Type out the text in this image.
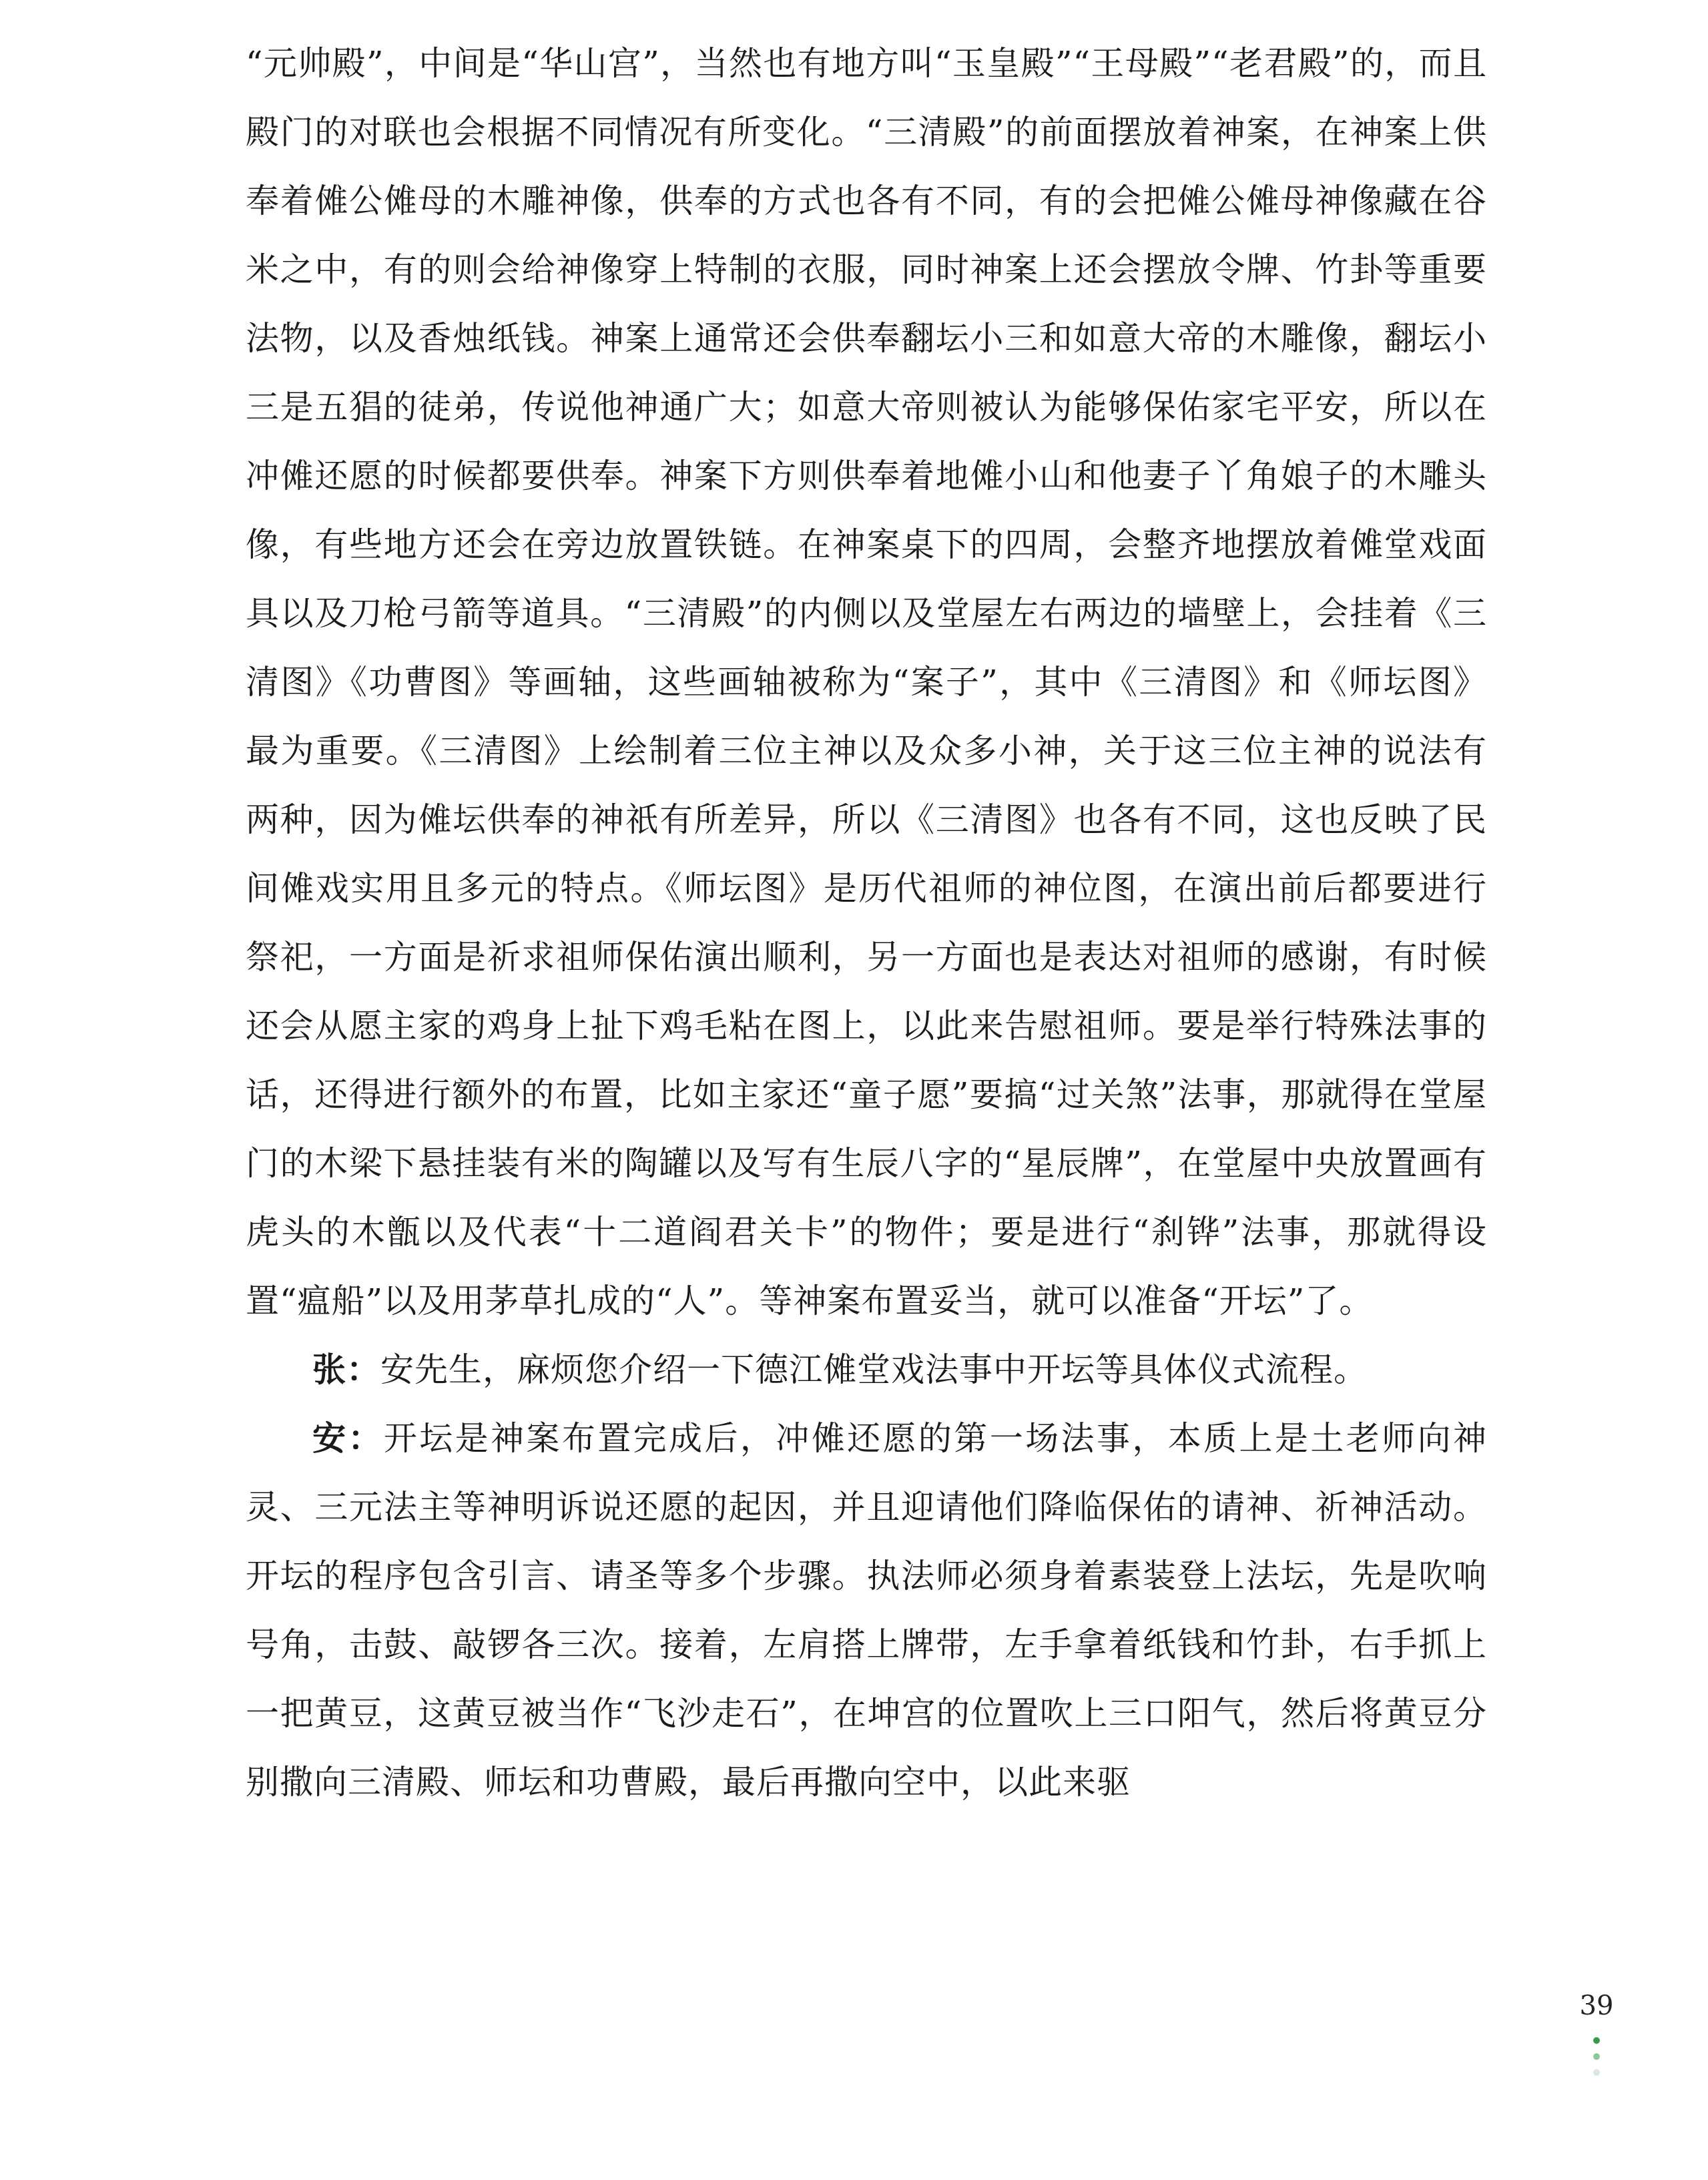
“元帅殿”，中间是“华山宫”，当然也有地方叫“玉皇殿”“王母殿”“老君殿”的，而且殿门的对联也会根据不同情况有所变化。“三清殿”的前面摆放着神案，在神案上供奉着傩公傩母的木雕神像，供奉的方式也各有不同，有的会把傩公傩母神像藏在谷米之中，有的则会给神像穿上特制的衣服，同时神案上还会摆放令牌、竹卦等重要法物，以及香烛纸钱。神案上通常还会供奉翻坛小三和如意大帝的木雕像，翻坛小三是五猖的徒弟，传说他神通广大；如意大帝则被认为能够保佑家宅平安，所以在冲傩还愿的时候都要供奉。神案下方则供奉着地傩小山和他妻子丫角娘子的木雕头像，有些地方还会在旁边放置铁链。在神案桌下的四周，会整齐地摆放着傩堂戏面具以及刀枪弓箭等道具。“三清殿”的内侧以及堂屋左右两边的墙壁上，会挂着《三清图》《功曹图》等画轴，这些画轴被称为“案子”，其中《三清图》和《师坛图》最为重要。《三清图》上绘制着三位主神以及众多小神，关于这三位主神的说法有两种，因为傩坛供奉的神祇有所差异，所以《三清图》也各有不同，这也反映了民间傩戏实用且多元的特点。《师坛图》是历代祖师的神位图，在演出前后都要进行祭祀，一方面是祈求祖师保佑演出顺利，另一方面也是表达对祖师的感谢，有时候还会从愿主家的鸡身上扯下鸡毛粘在图上，以此来告慰祖师。要是举行特殊法事的话，还得进行额外的布置，比如主家还“童子愿”要搞“过关煞”法事，那就得在堂屋门的木梁下悬挂装有米的陶罐以及写有生辰八字的“星辰牌”，在堂屋中央放置画有虎头的木甑以及代表“十二道阎君关卡”的物件；要是进行“刹铧”法事，那就得设置“瘟船”以及用茅草扎成的“人”。等神案布置妥当，就可以准备“开坛”了。

张：安先生，麻烦您介绍一下德江傩堂戏法事中开坛等具体仪式流程。

安：开坛是神案布置完成后，冲傩还愿的第一场法事，本质上是土老师向神灵、三元法主等神明诉说还愿的起因，并且迎请他们降临保佑的请神、祈神活动。开坛的程序包含引言、请圣等多个步骤。执法师必须身着素装登上法坛，先是吹响号角，击鼓、敲锣各三次。接着，左肩搭上牌带，左手拿着纸钱和竹卦，右手抓上一把黄豆，这黄豆被当作“飞沙走石”，在坤宫的位置吹上三口阳气，然后将黄豆分别撒向三清殿、师坛和功曹殿，最后再撒向空中，以此来驱

39
